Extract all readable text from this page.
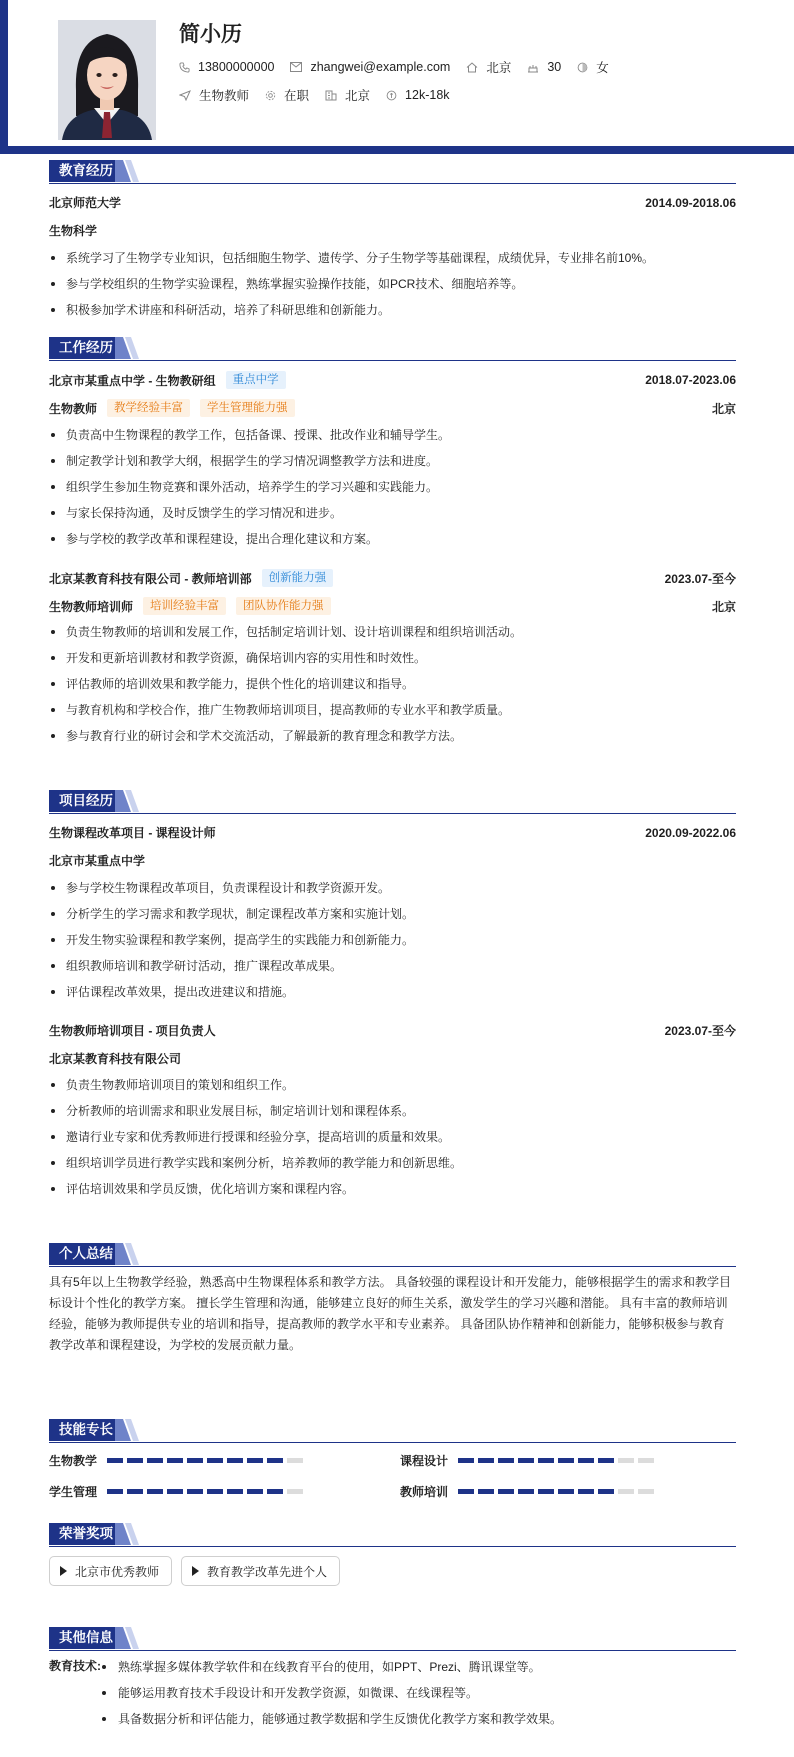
简小历
13800000000	zhangwei@example.com	北京	30	女
生物教师	在职	北京	12k-18k
教育经历
北京师范大学	2014.09-2018.06
生物科学
系统学习了生物学专业知识，包括细胞生物学、遗传学、分子生物学等基础课程，成绩优异，专业排名前10%。
参与学校组织的生物学实验课程，熟练掌握实验操作技能，如PCR技术、细胞培养等。
积极参加学术讲座和科研活动，培养了科研思维和创新能力。
工作经历
北京市某重点中学 - 生物教研组	重点中学	2018.07-2023.06
生物教师	教学经验丰富	学生管理能力强	北京
负责高中生物课程的教学工作，包括备课、授课、批改作业和辅导学生。
制定教学计划和教学大纲，根据学生的学习情况调整教学方法和进度。
组织学生参加生物竞赛和课外活动，培养学生的学习兴趣和实践能力。
与家长保持沟通，及时反馈学生的学习情况和进步。
参与学校的教学改革和课程建设，提出合理化建议和方案。
北京某教育科技有限公司 - 教师培训部	创新能力强	2023.07-至今
生物教师培训师	培训经验丰富	团队协作能力强	北京
负责生物教师的培训和发展工作，包括制定培训计划、设计培训课程和组织培训活动。
开发和更新培训教材和教学资源，确保培训内容的实用性和时效性。
评估教师的培训效果和教学能力，提供个性化的培训建议和指导。
与教育机构和学校合作，推广生物教师培训项目，提高教师的专业水平和教学质量。
参与教育行业的研讨会和学术交流活动，了解最新的教育理念和教学方法。
项目经历
生物课程改革项目 - 课程设计师	2020.09-2022.06
北京市某重点中学
参与学校生物课程改革项目，负责课程设计和教学资源开发。
分析学生的学习需求和教学现状，制定课程改革方案和实施计划。
开发生物实验课程和教学案例，提高学生的实践能力和创新能力。
组织教师培训和教学研讨活动，推广课程改革成果。
评估课程改革效果，提出改进建议和措施。
生物教师培训项目 - 项目负责人	2023.07-至今
北京某教育科技有限公司
负责生物教师培训项目的策划和组织工作。
分析教师的培训需求和职业发展目标，制定培训计划和课程体系。
邀请行业专家和优秀教师进行授课和经验分享，提高培训的质量和效果。
组织培训学员进行教学实践和案例分析，培养教师的教学能力和创新思维。
评估培训效果和学员反馈，优化培训方案和课程内容。
个人总结
具有5年以上生物教学经验，熟悉高中生物课程体系和教学方法。 具备较强的课程设计和开发能力，能够根据学生的需求和教学目
标设计个性化的教学方案。 擅长学生管理和沟通，能够建立良好的师生关系，激发学生的学习兴趣和潜能。 具有丰富的教师培训
经验，能够为教师提供专业的培训和指导，提高教师的教学水平和专业素养。 具备团队协作精神和创新能力，能够积极参与教育
教学改革和课程建设，为学校的发展贡献力量。
技能专长
生物教学	课程设计
学生管理	教师培训
荣誉奖项
北京市优秀教师	教育教学改革先进个人
其他信息
教育技术:	熟练掌握多媒体教学软件和在线教育平台的使用，如PPT、Prezi、腾讯课堂等。
能够运用教育技术手段设计和开发教学资源，如微课、在线课程等。
具备数据分析和评估能力，能够通过教学数据和学生反馈优化教学方案和教学效果。
